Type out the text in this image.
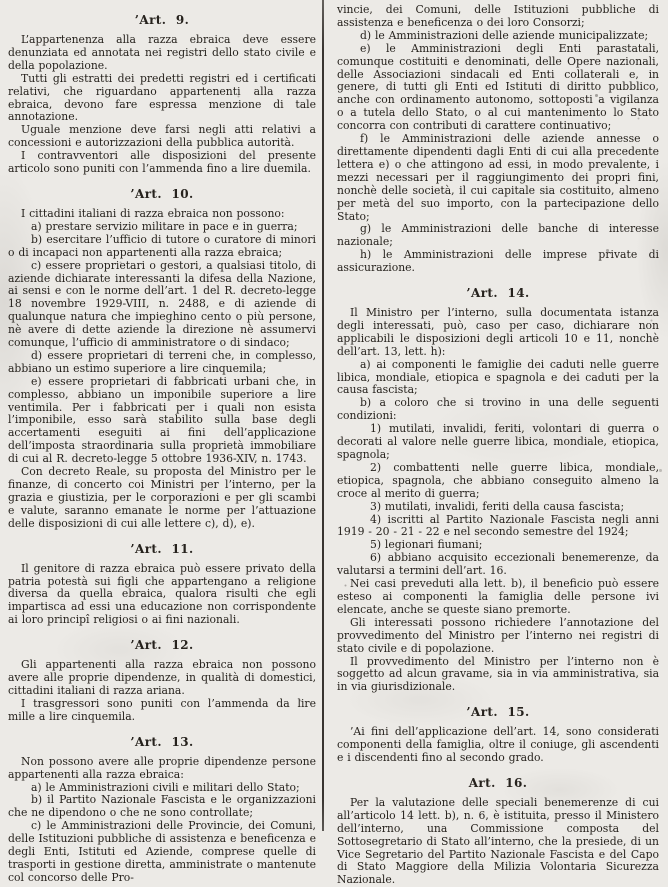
’Art. 9.
L’appartenenza alla razza ebraica deve essere denunziata ed annotata nei registri dello stato civile e della popolazione.
Tutti gli estratti dei predetti registri ed i certificati relativi, che riguardano appartenenti alla razza ebraica, devono fare espressa menzione di tale annotazione.
Uguale menzione deve farsi negli atti relativi a concessioni e autorizzazioni della pubblica autorità.
I contravventori alle disposizioni del presente articolo sono puniti con l’ammenda fino a lire duemila.
’Art. 10.
I cittadini italiani di razza ebraica non possono:
a) prestare servizio militare in pace e in guerra;
b) esercitare l’ufficio di tutore o curatore di minori o di incapaci non appartenenti alla razza ebraica;
c) essere proprietari o gestori, a qualsiasi titolo, di aziende dichiarate interessanti la difesa della Nazione, ai sensi e con le norme dell’art. 1 del R. decreto-legge 18 novembre 1929-VIII, n. 2488, e di aziende di qualunque natura che impieghino cento o più persone, nè avere di dette aziende la direzione nè assumervi comunque, l’ufficio di amministratore o di sindaco;
d) essere proprietari di terreni che, in complesso, abbiano un estimo superiore a lire cinquemila;
e) essere proprietari di fabbricati urbani che, in complesso, abbiano un imponibile superiore a lire ventimila. Per i fabbricati per i quali non esista l’imponibile, esso sarà stabilito sulla base degli accertamenti eseguiti ai fini dell’applicazione dell’imposta straordinaria sulla proprietà immobiliare di cui al R. decreto-legge 5 ottobre 1936-XIV, n. 1743.
Con decreto Reale, su proposta del Ministro per le finanze, di concerto coi Ministri per l’interno, per la grazia e giustizia, per le corporazioni e per gli scambi e valute, saranno emanate le norme per l’attuazione delle disposizioni di cui alle lettere c), d), e).
’Art. 11.
Il genitore di razza ebraica può essere privato della patria potestà sui figli che appartengano a religione diversa da quella ebraica, qualora risulti che egli impartisca ad essi una educazione non corrispondente ai loro principî religiosi o ai fini nazionali.
’Art. 12.
Gli appartenenti alla razza ebraica non possono avere alle proprie dipendenze, in qualità di domestici, cittadini italiani di razza ariana.
I trasgressori sono puniti con l’ammenda da lire mille a lire cinquemila.
’Art. 13.
Non possono avere alle proprie dipendenze persone appartenenti alla razza ebraica:
a) le Amministrazioni civili e militari dello Stato;
b) il Partito Nazionale Fascista e le organizzazioni che ne dipendono o che ne sono controllate;
c) le Amministrazioni delle Provincie, dei Comuni, delle Istituzioni pubbliche di assistenza e beneficenza e degli Enti, Istituti ed Aziende, comprese quelle di trasporti in gestione diretta, amministrate o mantenute col concorso delle Pro-
vincie, dei Comuni, delle Istituzioni pubbliche di assistenza e beneficenza o dei loro Consorzi;
d) le Amministrazioni delle aziende municipalizzate;
e) le Amministrazioni degli Enti parastatali, comunque costituiti e denominati, delle Opere nazionali, delle Associazioni sindacali ed Enti collaterali e, in genere, di tutti gli Enti ed Istituti di diritto pubblico, anche con ordinamento autonomo, sottoposti a vigilanza o a tutela dello Stato, o al cui mantenimento lo Stato concorra con contributi di carattere continuativo;
f) le Amministrazioni delle aziende annesse o direttamente dipendenti dagli Enti di cui alla precedente lettera e) o che attingono ad essi, in modo prevalente, i mezzi necessari per il raggiungimento dei propri fini, nonchè delle società, il cui capitale sia costituito, almeno per metà del suo importo, con la partecipazione dello Stato;
g) le Amministrazioni delle banche di interesse nazionale;
h) le Amministrazioni delle imprese private di assicurazione.
’Art. 14.
Il Ministro per l’interno, sulla documentata istanza degli interessati, può, caso per caso, dichiarare non applicabili le disposizioni degli articoli 10 e 11, nonchè dell’art. 13, lett. h):
a) ai componenti le famiglie dei caduti nelle guerre libica, mondiale, etiopica e spagnola e dei caduti per la causa fascista;
b) a coloro che si trovino in una delle seguenti condizioni:
1) mutilati, invalidi, feriti, volontari di guerra o decorati al valore nelle guerre libica, mondiale, etiopica, spagnola;
2) combattenti nelle guerre libica, mondiale, etiopica, spagnola, che abbiano conseguito almeno la croce al merito di guerra;
3) mutilati, invalidi, feriti della causa fascista;
4) iscritti al Partito Nazionale Fascista negli anni 1919 - 20 - 21 - 22 e nel secondo semestre del 1924;
5) legionari fiumani;
6) abbiano acquisito eccezionali benemerenze, da valutarsi a termini dell’art. 16.
Nei casi preveduti alla lett. b), il beneficio può essere esteso ai componenti la famiglia delle persone ivi elencate, anche se queste siano premorte.
Gli interessati possono richiedere l’annotazione del provvedimento del Ministro per l’interno nei registri di stato civile e di popolazione.
Il provvedimento del Ministro per l’interno non è soggetto ad alcun gravame, sia in via amministrativa, sia in via giurisdizionale.
’Art. 15.
’Ai fini dell’applicazione dell’art. 14, sono considerati componenti della famiglia, oltre il coniuge, gli ascendenti e i discendenti fino al secondo grado.
Art. 16.
Per la valutazione delle speciali benemerenze di cui all’articolo 14 lett. b), n. 6, è istituita, presso il Ministero dell’interno, una Commissione composta del Sottosegretario di Stato all’interno, che la presiede, di un Vice Segretario del Partito Nazionale Fascista e del Capo di Stato Maggiore della Milizia Volontaria Sicurezza Nazionale.
